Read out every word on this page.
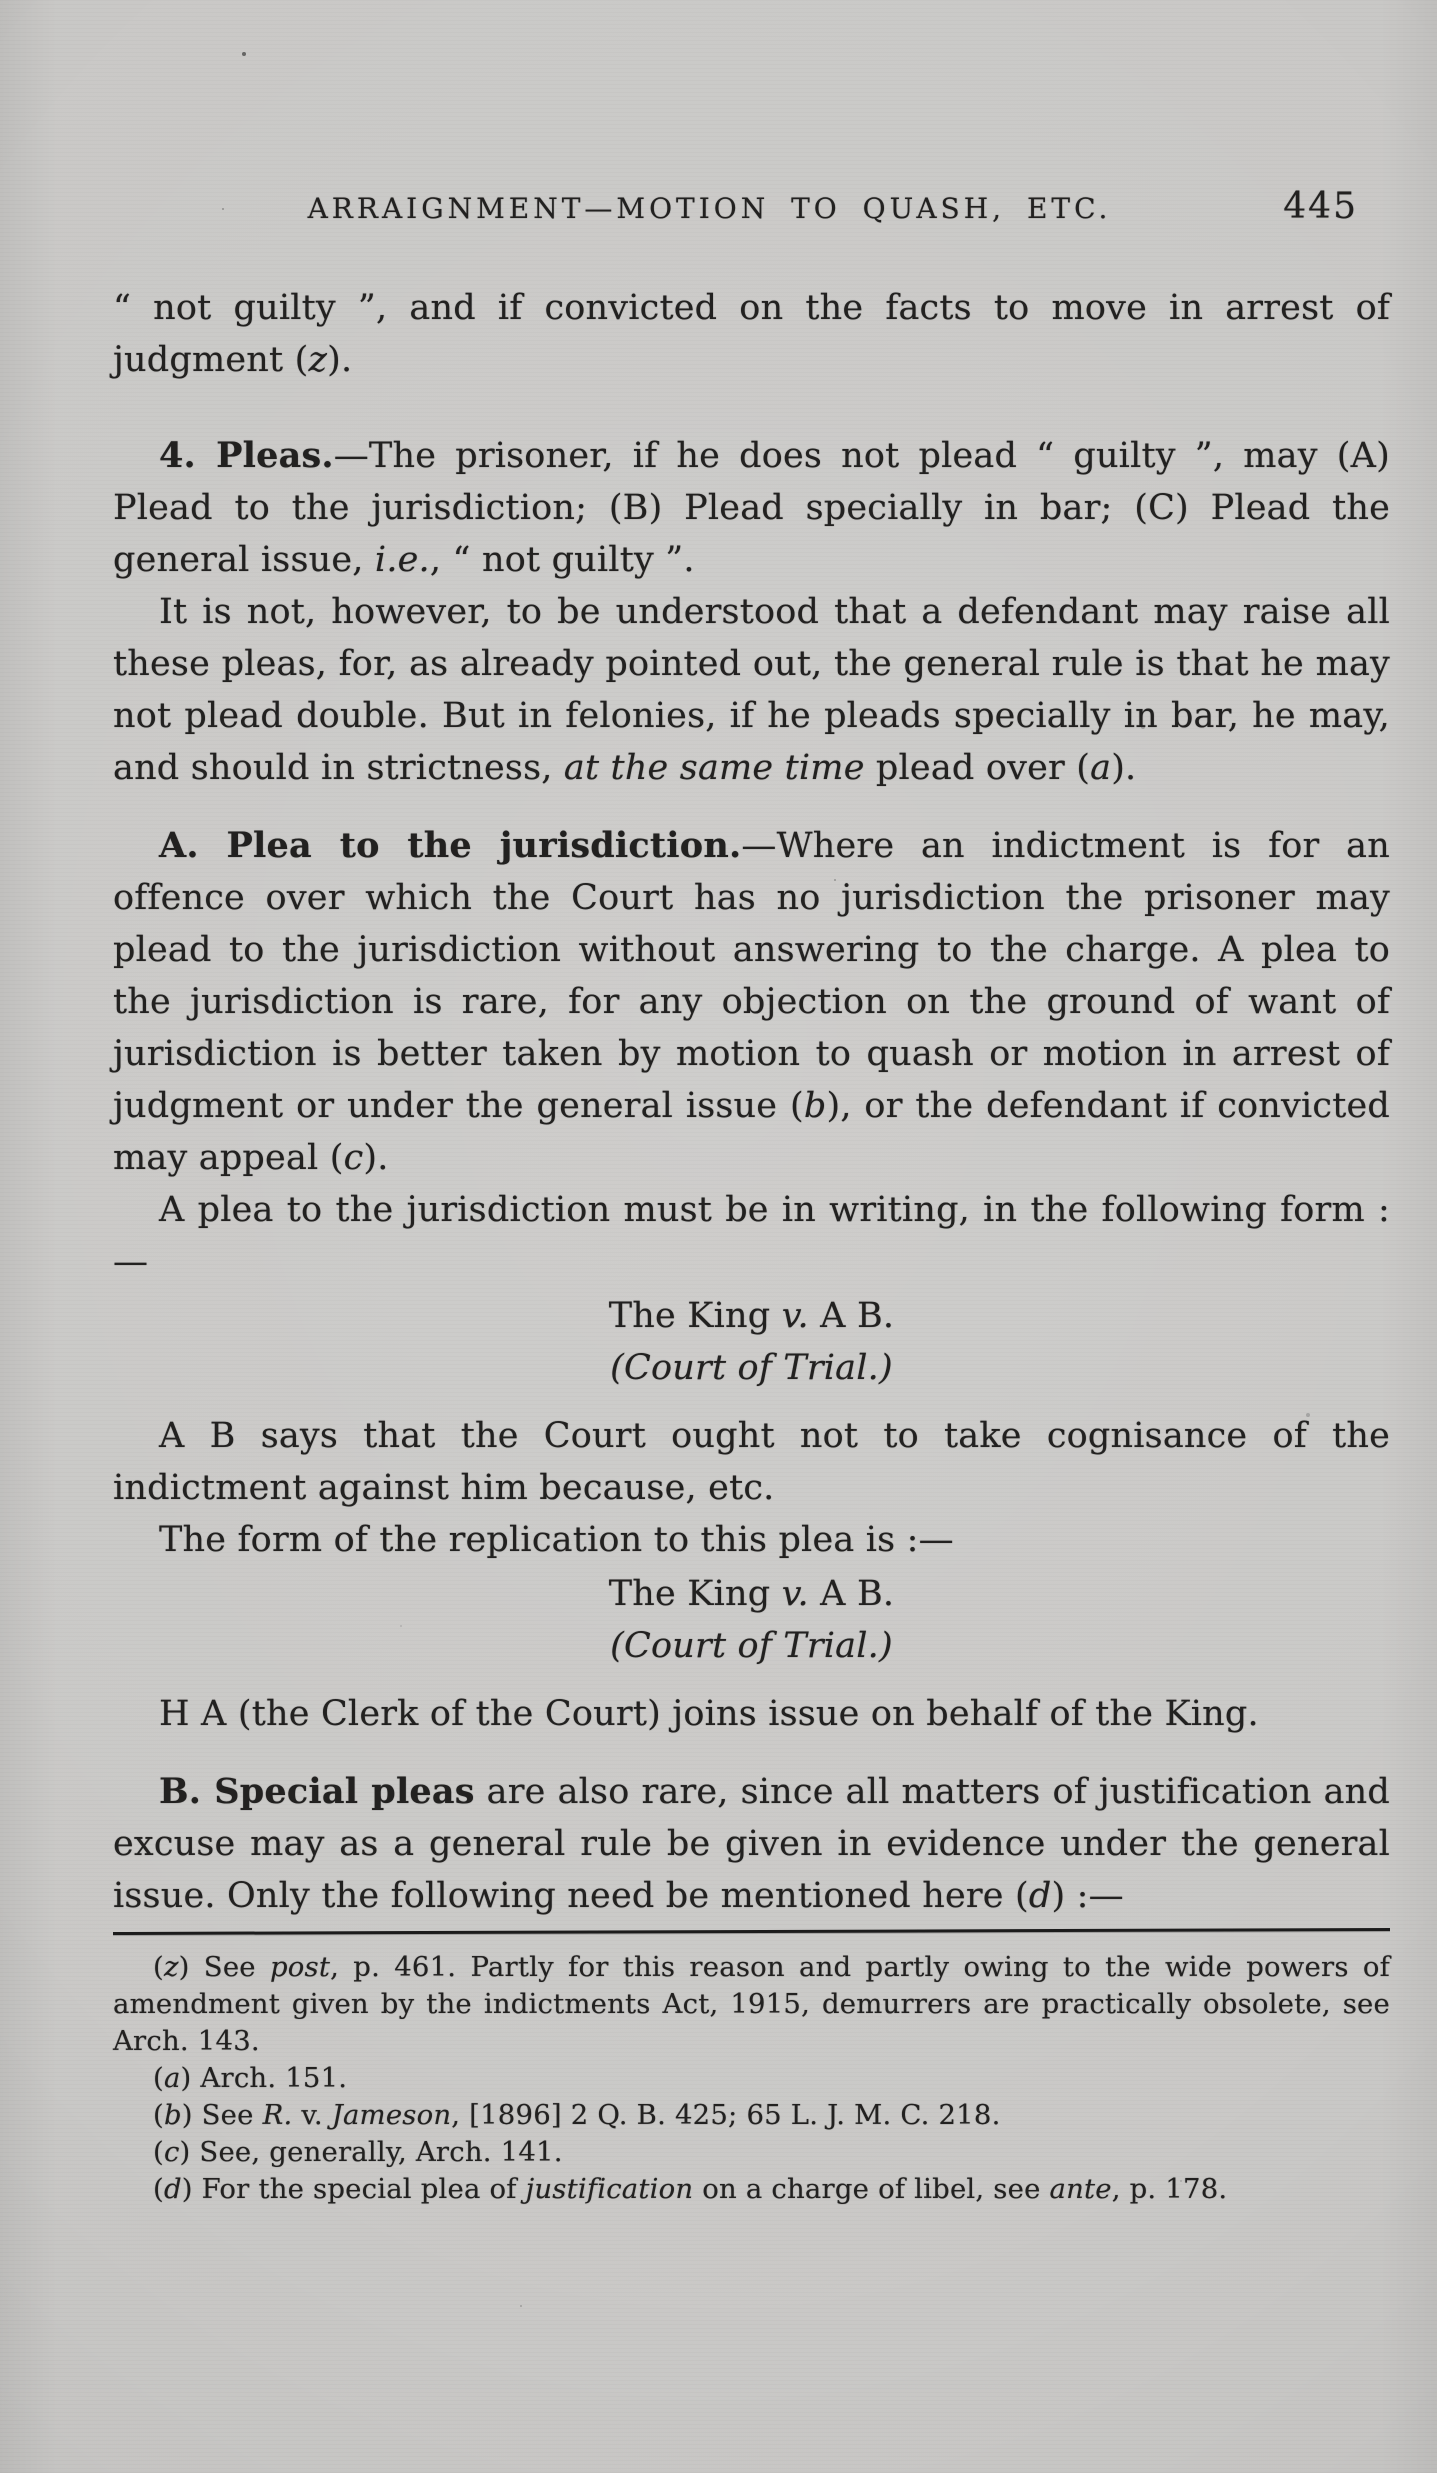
ARRAIGNMENT—MOTION TO QUASH, ETC.	445

“ not guilty ”, and if convicted on the facts to move in arrest of judgment (z).

4. Pleas.—The prisoner, if he does not plead “ guilty ”, may (A) Plead to the jurisdiction; (B) Plead specially in bar; (C) Plead the general issue, i.e., “ not guilty ”.

It is not, however, to be understood that a defendant may raise all these pleas, for, as already pointed out, the general rule is that he may not plead double. But in felonies, if he pleads specially in bar, he may, and should in strictness, at the same time plead over (a).

A. Plea to the jurisdiction.—Where an indictment is for an offence over which the Court has no jurisdiction the prisoner may plead to the jurisdiction without answering to the charge. A plea to the jurisdiction is rare, for any objection on the ground of want of jurisdiction is better taken by motion to quash or motion in arrest of judgment or under the general issue (b), or the defendant if convicted may appeal (c).

A plea to the jurisdiction must be in writing, in the following form :—

The King v. A B.

(Court of Trial.)

A B says that the Court ought not to take cognisance of the indictment against him because, etc.

The form of the replication to this plea is :—

The King v. A B.

(Court of Trial.)

H A (the Clerk of the Court) joins issue on behalf of the King.

B. Special pleas are also rare, since all matters of justification and excuse may as a general rule be given in evidence under the general issue. Only the following need be mentioned here (d) :—

(z) See post, p. 461. Partly for this reason and partly owing to the wide powers of amendment given by the indictments Act, 1915, demurrers are practically obsolete, see Arch. 143.

(a) Arch. 151.

(b) See R. v. Jameson, [1896] 2 Q. B. 425; 65 L. J. M. C. 218.

(c) See, generally, Arch. 141.

(d) For the special plea of justification on a charge of libel, see ante, p. 178.
